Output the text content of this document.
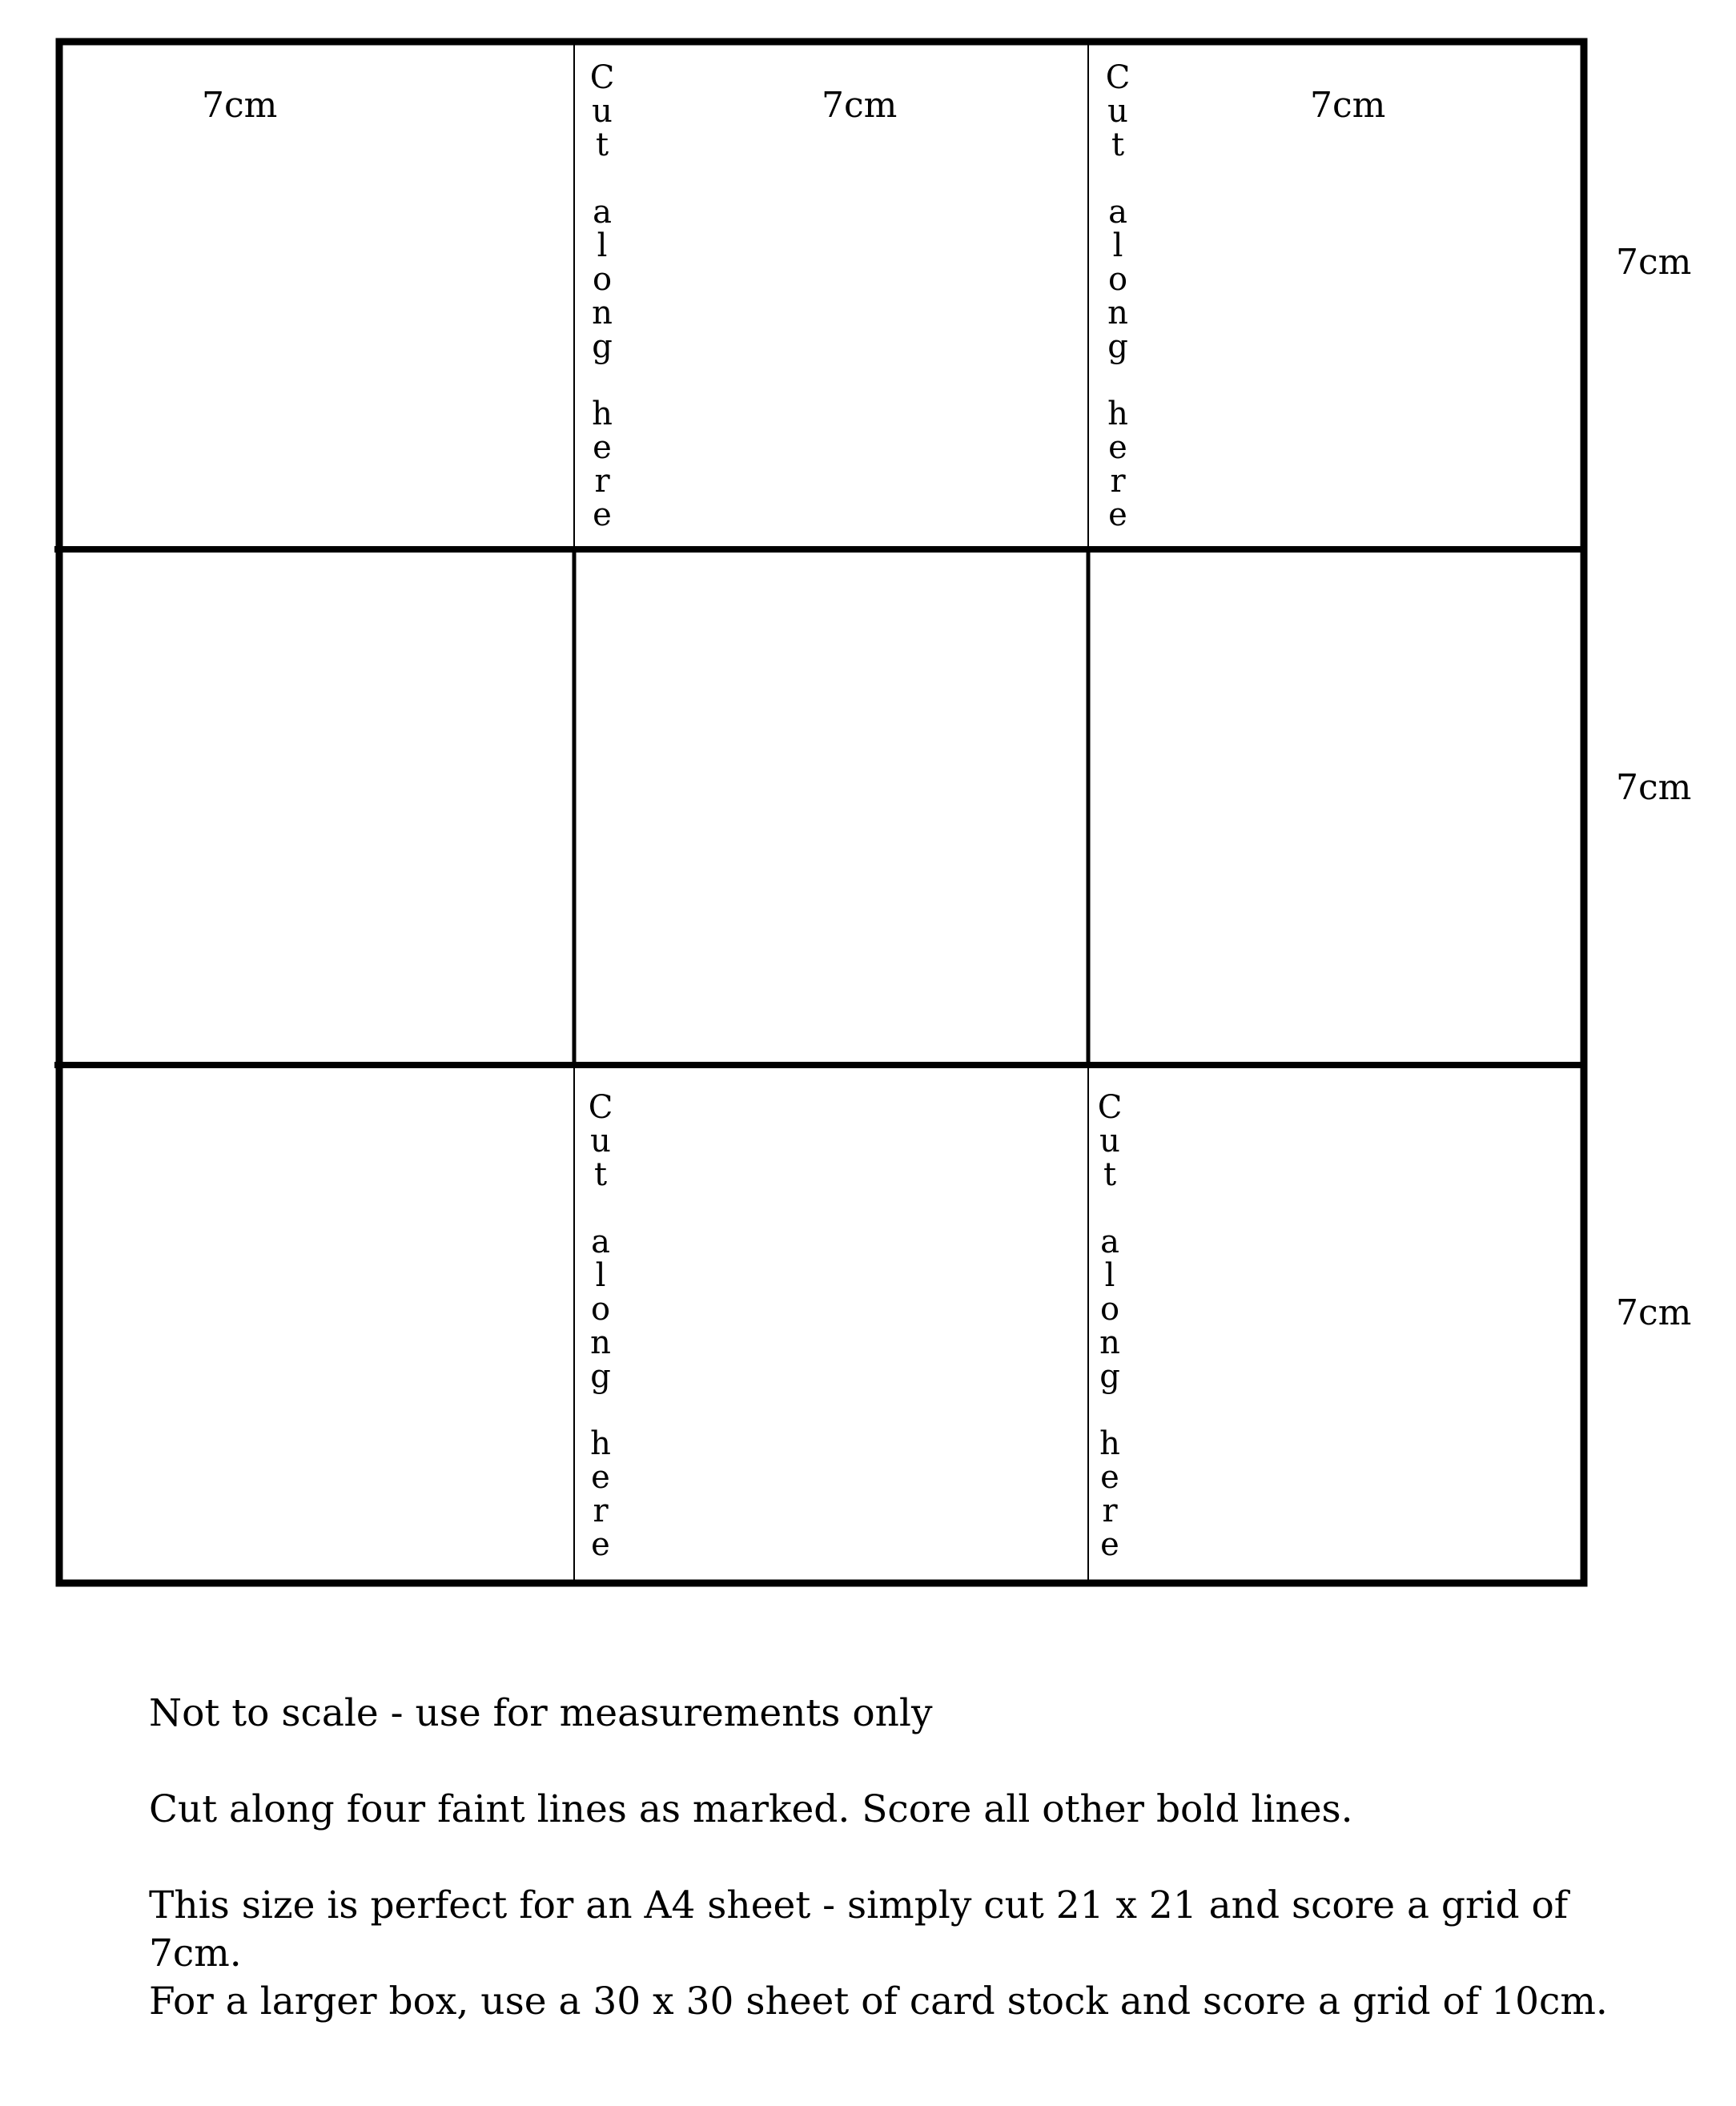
7cm	7cm	7cm
7cm
7cm
7cm
C
u
t

a
l
o
n
g

h
e
r
e
C
u
t

a
l
o
n
g

h
e
r
e
C
u
t

a
l
o
n
g

h
e
r
e
C
u
t

a
l
o
n
g

h
e
r
e

Not to scale - use for measurements only

Cut along four faint lines as marked. Score all other bold lines.

This size is perfect for an A4 sheet - simply cut 21 x 21 and score a grid of

7cm.

For a larger box, use a 30 x 30 sheet of card stock and score a grid of 10cm.
